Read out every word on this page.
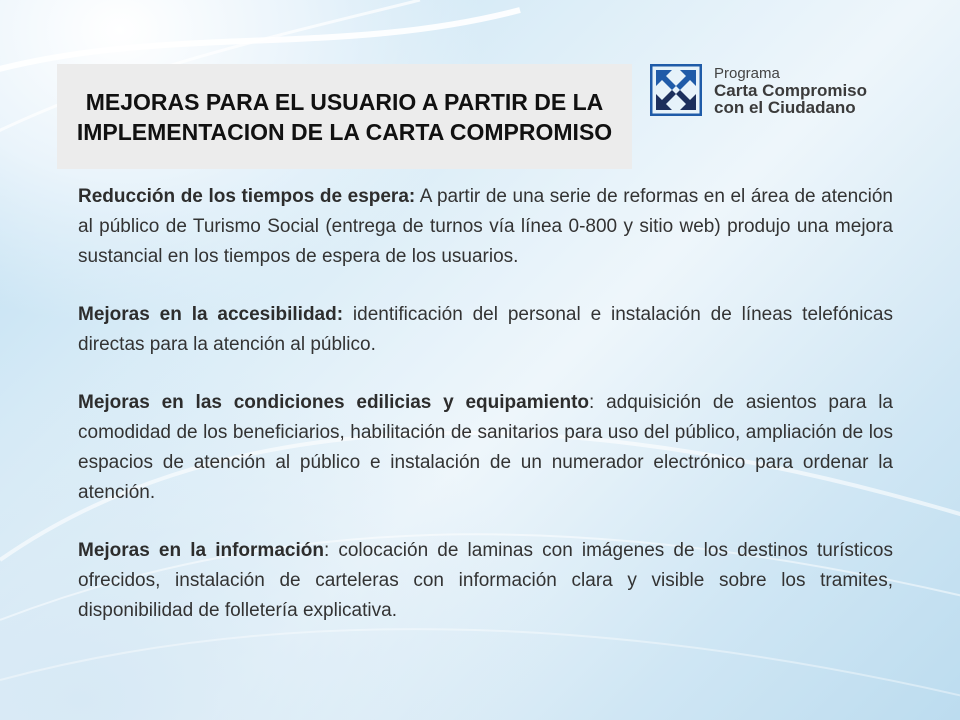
MEJORAS PARA EL USUARIO A PARTIR DE LA IMPLEMENTACION DE LA CARTA COMPROMISO
Programa
Carta Compromiso
con el Ciudadano

Reducción de los tiempos de espera: A partir de una serie de reformas en el área de atención al público de Turismo Social (entrega de turnos vía línea 0-800 y sitio web) produjo una mejora sustancial en los tiempos de espera de los usuarios.

Mejoras en la accesibilidad: identificación del personal e instalación de líneas telefónicas directas para la atención al público.

Mejoras en las condiciones edilicias y equipamiento: adquisición de asientos para la comodidad de los beneficiarios, habilitación de sanitarios para uso del público, ampliación de los espacios de atención al público e instalación de un numerador electrónico para ordenar la atención.

Mejoras en la información: colocación de laminas con imágenes de los destinos turísticos ofrecidos, instalación de carteleras con información clara y visible sobre los tramites, disponibilidad de folletería explicativa.
